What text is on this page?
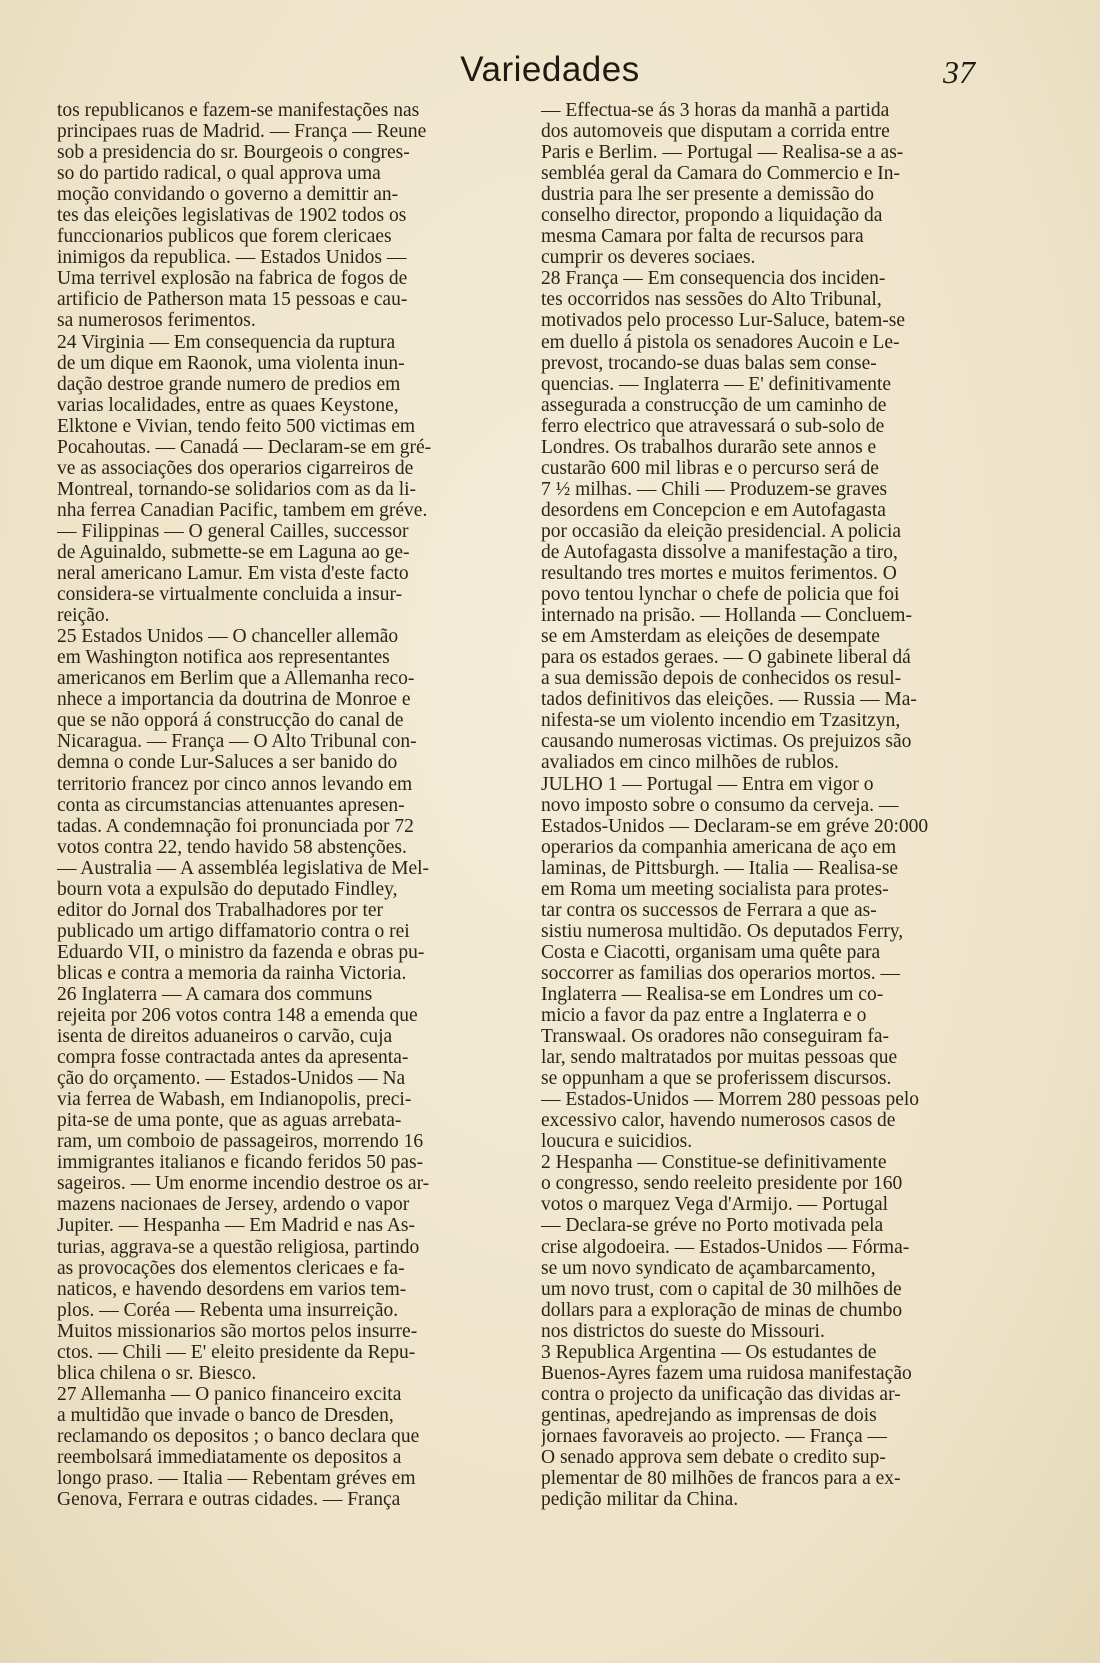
Variedades	37
tos republicanos e fazem-se manifestações nas
principaes ruas de Madrid. — França — Reune
sob a presidencia do sr. Bourgeois o congres-
so do partido radical, o qual approva uma
moção convidando o governo a demittir an-
tes das eleições legislativas de 1902 todos os
funccionarios publicos que forem clericaes
inimigos da republica. — Estados Unidos —
Uma terrivel explosão na fabrica de fogos de
artificio de Patherson mata 15 pessoas e cau-
sa numerosos ferimentos.
24 Virginia — Em consequencia da ruptura
de um dique em Raonok, uma violenta inun-
dação destroe grande numero de predios em
varias localidades, entre as quaes Keystone,
Elktone e Vivian, tendo feito 500 victimas em
Pocahoutas. — Canadá — Declaram-se em gré-
ve as associações dos operarios cigarreiros de
Montreal, tornando-se solidarios com as da li-
nha ferrea Canadian Pacific, tambem em gréve.
— Filippinas — O general Cailles, successor
de Aguinaldo, submette-se em Laguna ao ge-
neral americano Lamur. Em vista d'este facto
considera-se virtualmente concluida a insur-
reição.
25 Estados Unidos — O chanceller allemão
em Washington notifica aos representantes
americanos em Berlim que a Allemanha reco-
nhece a importancia da doutrina de Monroe e
que se não opporá á construcção do canal de
Nicaragua. — França — O Alto Tribunal con-
demna o conde Lur-Saluces a ser banido do
territorio francez por cinco annos levando em
conta as circumstancias attenuantes apresen-
tadas. A condemnação foi pronunciada por 72
votos contra 22, tendo havido 58 abstenções.
— Australia — A assembléa legislativa de Mel-
bourn vota a expulsão do deputado Findley,
editor do Jornal dos Trabalhadores por ter
publicado um artigo diffamatorio contra o rei
Eduardo VII, o ministro da fazenda e obras pu-
blicas e contra a memoria da rainha Victoria.
26 Inglaterra — A camara dos communs
rejeita por 206 votos contra 148 a emenda que
isenta de direitos aduaneiros o carvão, cuja
compra fosse contractada antes da apresenta-
ção do orçamento. — Estados-Unidos — Na
via ferrea de Wabash, em Indianopolis, preci-
pita-se de uma ponte, que as aguas arrebata-
ram, um comboio de passageiros, morrendo 16
immigrantes italianos e ficando feridos 50 pas-
sageiros. — Um enorme incendio destroe os ar-
mazens nacionaes de Jersey, ardendo o vapor
Jupiter. — Hespanha — Em Madrid e nas As-
turias, aggrava-se a questão religiosa, partindo
as provocações dos elementos clericaes e fa-
naticos, e havendo desordens em varios tem-
plos. — Coréa — Rebenta uma insurreição.
Muitos missionarios são mortos pelos insurre-
ctos. — Chili — E' eleito presidente da Repu-
blica chilena o sr. Biesco.
27 Allemanha — O panico financeiro excita
a multidão que invade o banco de Dresden,
reclamando os depositos ; o banco declara que
reembolsará immediatamente os depositos a
longo praso. — Italia — Rebentam gréves em
Genova, Ferrara e outras cidades. — França
— Effectua-se ás 3 horas da manhã a partida
dos automoveis que disputam a corrida entre
Paris e Berlim. — Portugal — Realisa-se a as-
sembléa geral da Camara do Commercio e In-
dustria para lhe ser presente a demissão do
conselho director, propondo a liquidação da
mesma Camara por falta de recursos para
cumprir os deveres sociaes.
28 França — Em consequencia dos inciden-
tes occorridos nas sessões do Alto Tribunal,
motivados pelo processo Lur-Saluce, batem-se
em duello á pistola os senadores Aucoin e Le-
prevost, trocando-se duas balas sem conse-
quencias. — Inglaterra — E' definitivamente
assegurada a construcção de um caminho de
ferro electrico que atravessará o sub-solo de
Londres. Os trabalhos durarão sete annos e
custarão 600 mil libras e o percurso será de
7 ½ milhas. — Chili — Produzem-se graves
desordens em Concepcion e em Autofagasta
por occasião da eleição presidencial. A policia
de Autofagasta dissolve a manifestação a tiro,
resultando tres mortes e muitos ferimentos. O
povo tentou lynchar o chefe de policia que foi
internado na prisão. — Hollanda — Concluem-
se em Amsterdam as eleições de desempate
para os estados geraes. — O gabinete liberal dá
a sua demissão depois de conhecidos os resul-
tados definitivos das eleições. — Russia — Ma-
nifesta-se um violento incendio em Tzasitzyn,
causando numerosas victimas. Os prejuizos são
avaliados em cinco milhões de rublos.
JULHO 1 — Portugal — Entra em vigor o
novo imposto sobre o consumo da cerveja. —
Estados-Unidos — Declaram-se em gréve 20:000
operarios da companhia americana de aço em
laminas, de Pittsburgh. — Italia — Realisa-se
em Roma um meeting socialista para protes-
tar contra os successos de Ferrara a que as-
sistiu numerosa multidão. Os deputados Ferry,
Costa e Ciacotti, organisam uma quête para
soccorrer as familias dos operarios mortos. —
Inglaterra — Realisa-se em Londres um co-
micio a favor da paz entre a Inglaterra e o
Transwaal. Os oradores não conseguiram fa-
lar, sendo maltratados por muitas pessoas que
se oppunham a que se proferissem discursos.
— Estados-Unidos — Morrem 280 pessoas pelo
excessivo calor, havendo numerosos casos de
loucura e suicidios.
2 Hespanha — Constitue-se definitivamente
o congresso, sendo reeleito presidente por 160
votos o marquez Vega d'Armijo. — Portugal
— Declara-se gréve no Porto motivada pela
crise algodoeira. — Estados-Unidos — Fórma-
se um novo syndicato de açambarcamento,
um novo trust, com o capital de 30 milhões de
dollars para a exploração de minas de chumbo
nos districtos do sueste do Missouri.
3 Republica Argentina — Os estudantes de
Buenos-Ayres fazem uma ruidosa manifestação
contra o projecto da unificação das dividas ar-
gentinas, apedrejando as imprensas de dois
jornaes favoraveis ao projecto. — França —
O senado approva sem debate o credito sup-
plementar de 80 milhões de francos para a ex-
pedição militar da China.
